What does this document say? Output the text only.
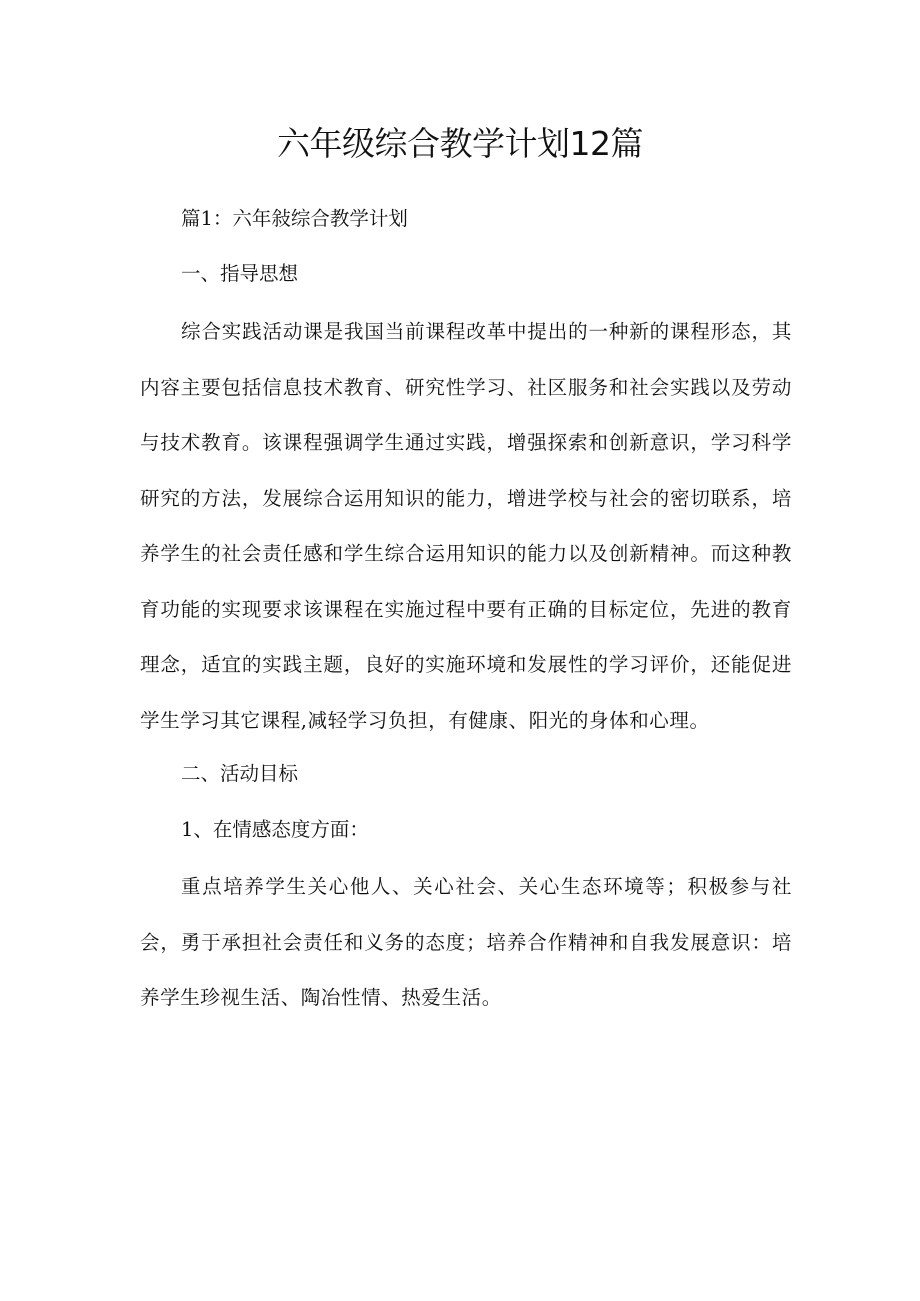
六年级综合教学计划12篇
篇1：六年敍综合教学计划
一、指导思想
综合实践活动课是我国当前课程改革中提出的一种新的课程形态，其内容主要包括信息技术教育、研究性学习、社区服务和社会实践以及劳动与技术教育。该课程强调学生通过实践，增强探索和创新意识，学习科学研究的方法，发展综合运用知识的能力，增进学校与社会的密切联系，培养学生的社会责任感和学生综合运用知识的能力以及创新精神。而这种教育功能的实现要求该课程在实施过程中要有正确的目标定位，先进的教育理念，适宜的实践主题，良好的实施环境和发展性的学习评价，还能促进学生学习其它课程,减轻学习负担，有健康、阳光的身体和心理。
二、活动目标
1、在情感态度方面：
重点培养学生关心他人、关心社会、关心生态环境等；积极参与社会，勇于承担社会责任和义务的态度；培养合作精神和自我发展意识：培养学生珍视生活、陶冶性情、热爱生活。
